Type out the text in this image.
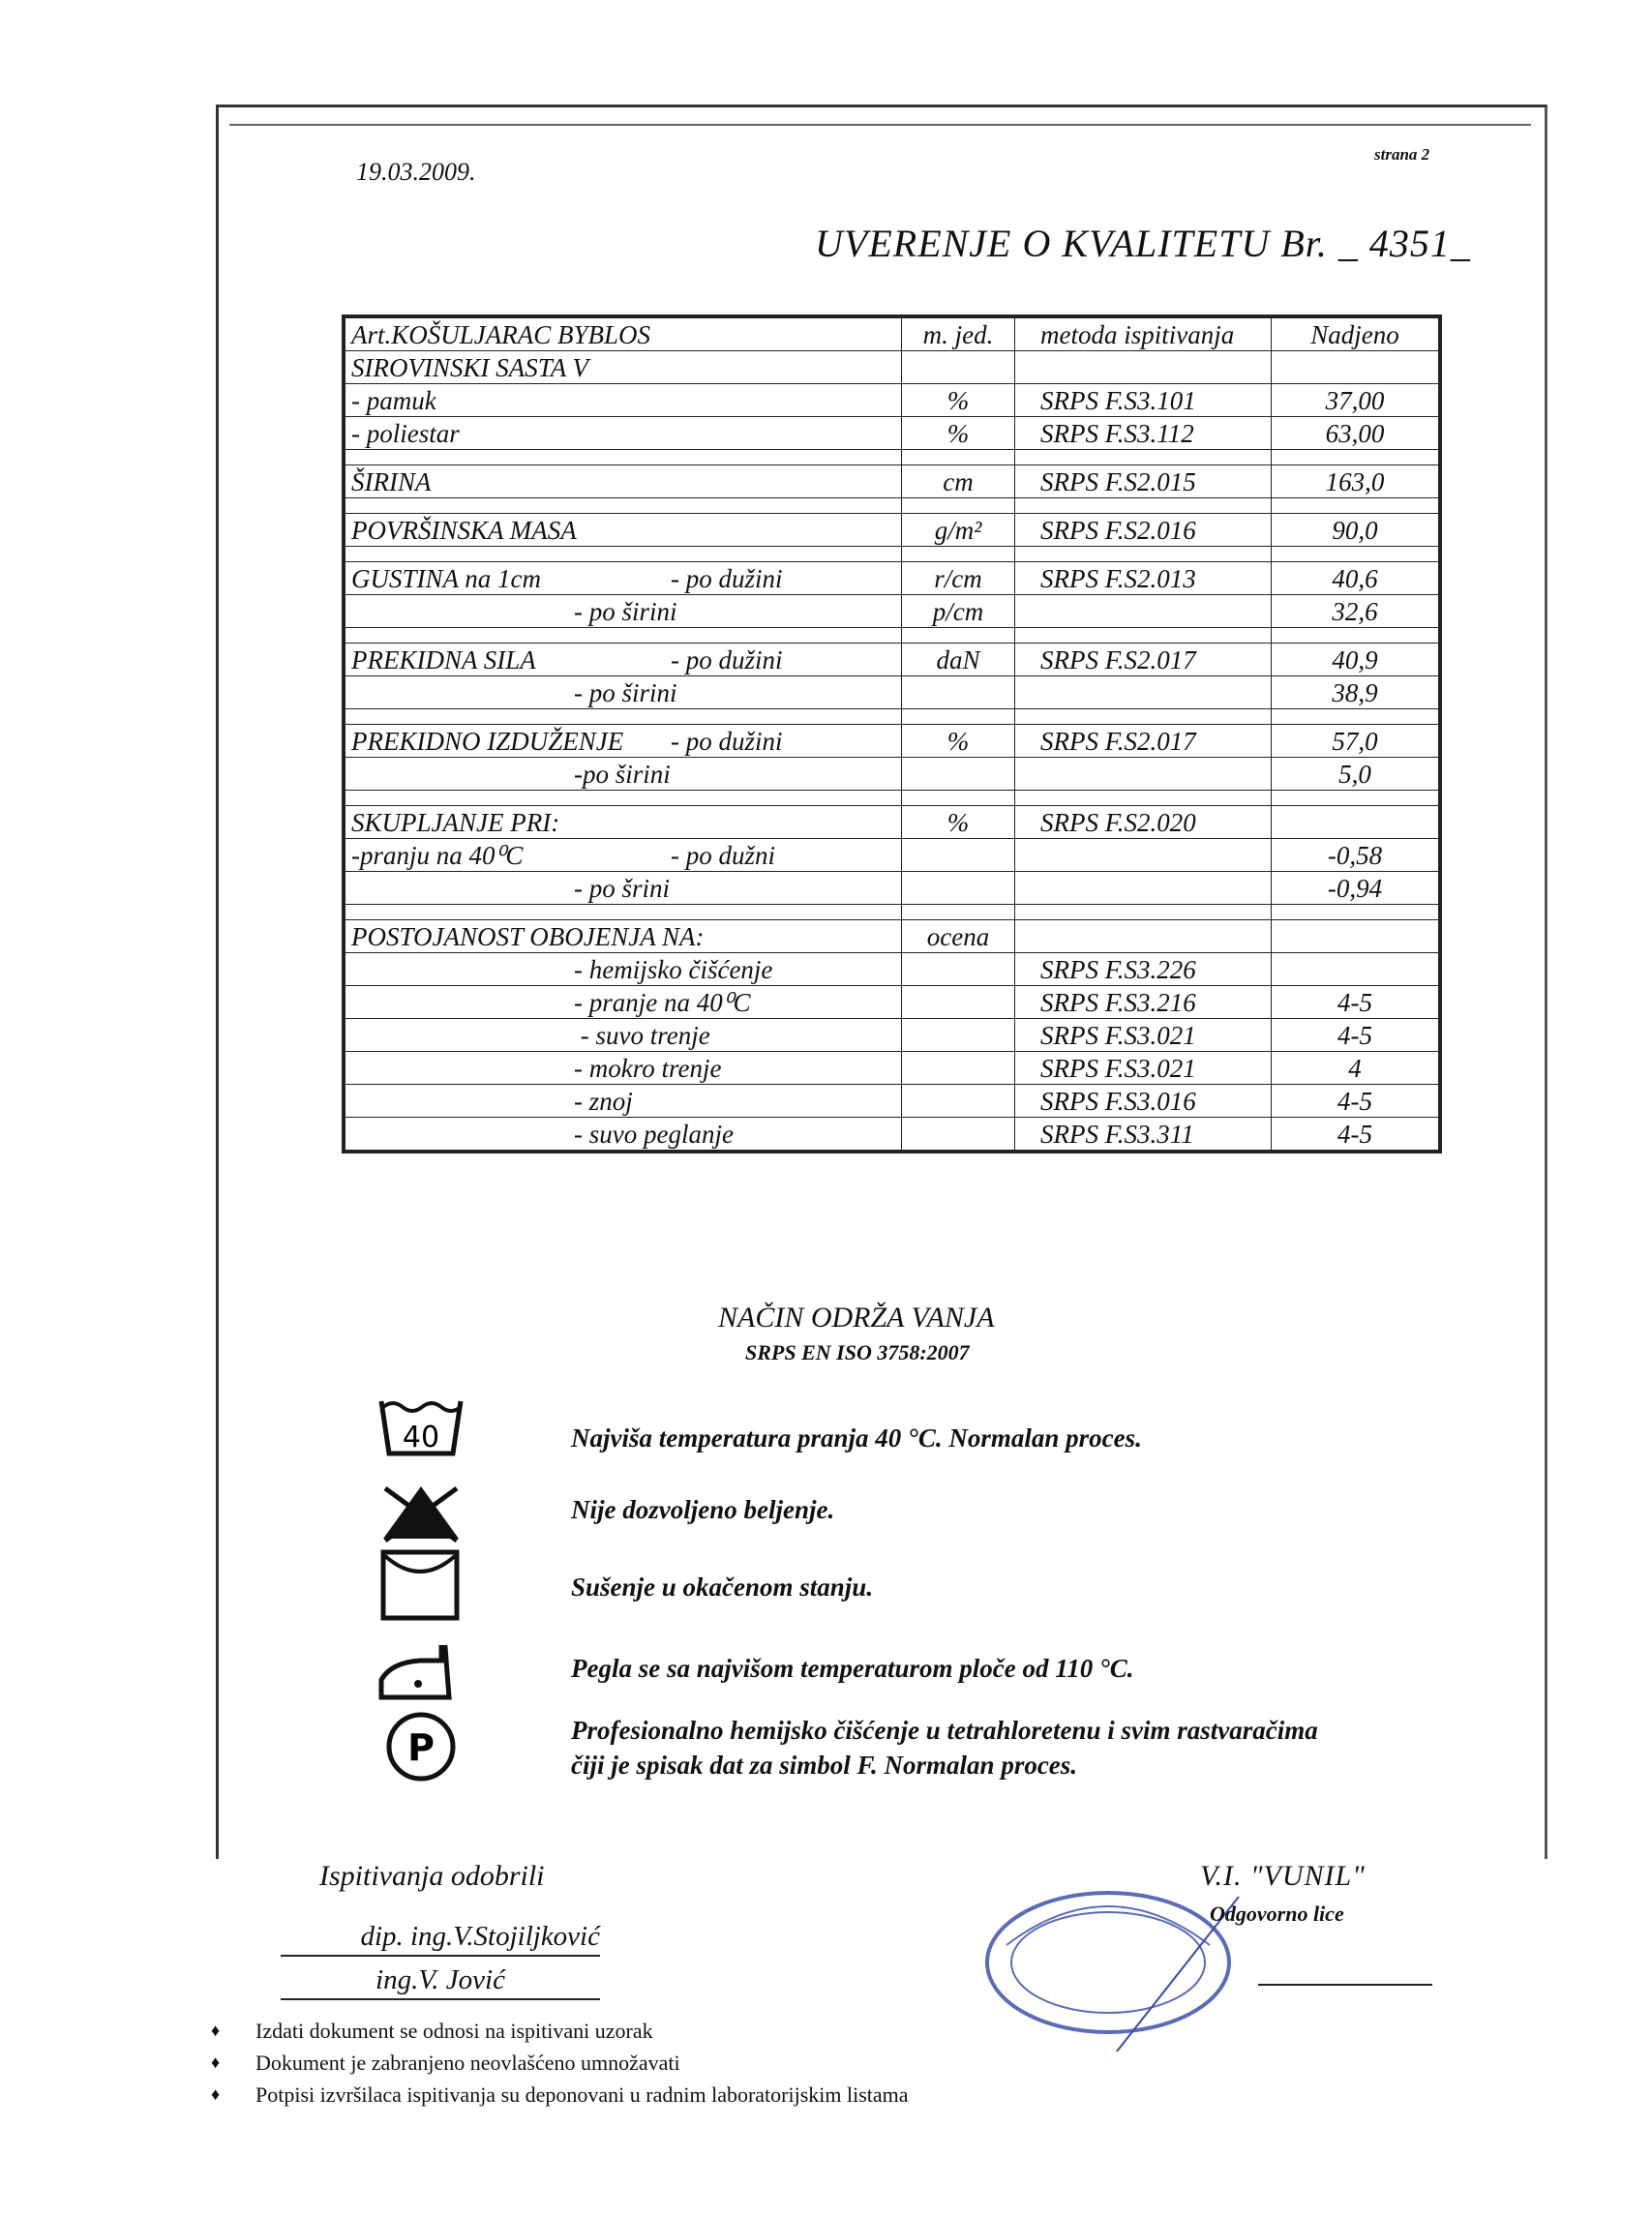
19.03.2009.
strana 2
UVERENJE O KVALITETU Br. _ 4351_
Art.KOŠULJARAC BYBLOS	m. jed.	metoda ispitivanja	Nadjeno
SIROVINSKI SASTA V			
- pamuk	%	SRPS F.S3.101	37,00
- poliestar	%	SRPS F.S3.112	63,00

ŠIRINA	cm	SRPS F.S2.015	163,0

POVRŠINSKA MASA	g/m²	SRPS F.S2.016	90,0

GUSTINA na 1cm - po dužini	r/cm	SRPS F.S2.013	40,6
- po širini	p/cm		32,6

PREKIDNA SILA - po dužini	daN	SRPS F.S2.017	40,9
- po širini			38,9

PREKIDNO IZDUŽENJE - po dužini	%	SRPS F.S2.017	57,0
-po širini			5,0

SKUPLJANJE PRI:	%	SRPS F.S2.020	
-pranju na 40⁰C - po dužni			-0,58
- po šrini			-0,94

POSTOJANOST OBOJENJA NA:	ocena		
- hemijsko čišćenje		SRPS F.S3.226	
- pranje na 40⁰C		SRPS F.S3.216	4-5
- suvo trenje		SRPS F.S3.021	4-5
- mokro trenje		SRPS F.S3.021	4
- znoj		SRPS F.S3.016	4-5
- suvo peglanje		SRPS F.S3.311	4-5
NAČIN ODRŽA VANJA
SRPS EN ISO 3758:2007
40
P
Najviša temperatura pranja 40 °C. Normalan proces.
Nije dozvoljeno beljenje.
Sušenje u okačenom stanju.
Pegla se sa najvišom temperaturom ploče od 110 °C.
Profesionalno hemijsko čišćenje u tetrahloretenu i svim rastvaračima čiji je spisak dat za simbol F. Normalan proces.
Ispitivanja odobrili
dip. ing.V.Stojiljković
ing.V. Jović
V.I. "VUNIL"
Odgovorno lice
♦ Izdati dokument se odnosi na ispitivani uzorak
♦ Dokument je zabranjeno neovlašćeno umnožavati
♦ Potpisi izvršilaca ispitivanja su deponovani u radnim laboratorijskim listama
